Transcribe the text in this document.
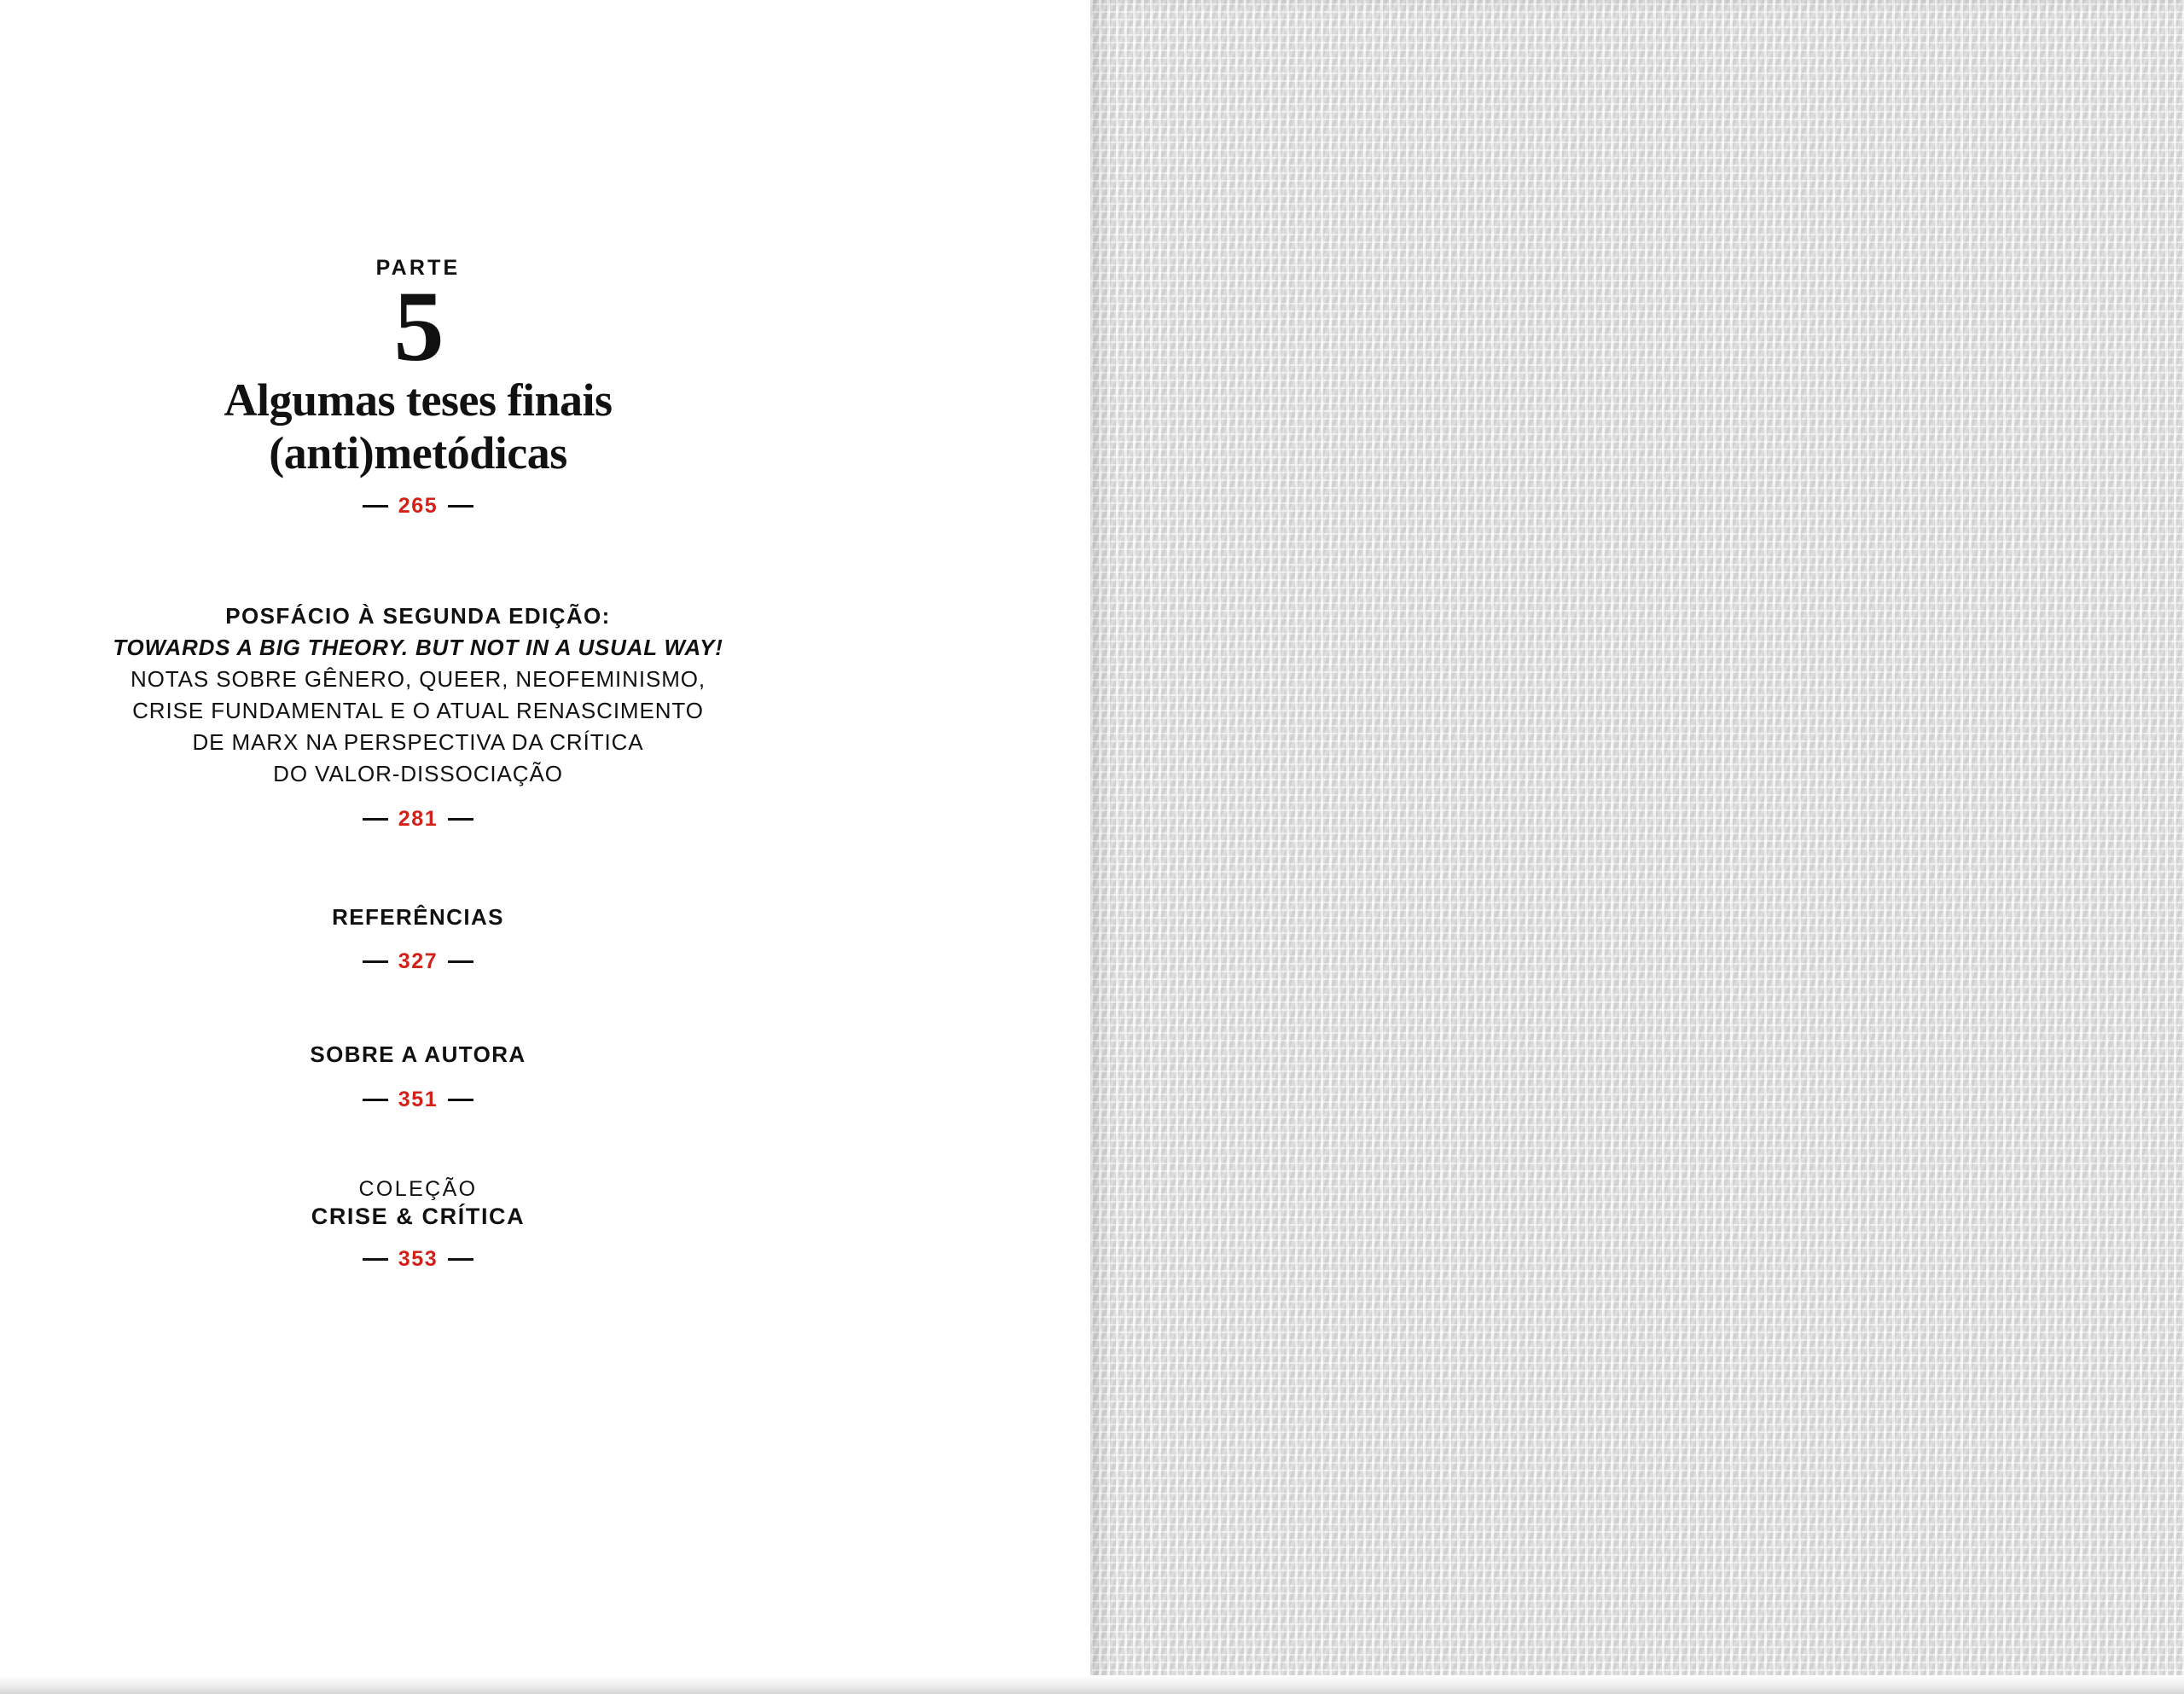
PARTE
5
Algumas teses finais
(anti)metódicas
265

POSFÁCIO À SEGUNDA EDIÇÃO:

TOWARDS A BIG THEORY. BUT NOT IN A USUAL WAY!

NOTAS SOBRE GÊNERO, QUEER, NEOFEMINISMO,

CRISE FUNDAMENTAL E O ATUAL RENASCIMENTO

DE MARX NA PERSPECTIVA DA CRÍTICA

DO VALOR-DISSOCIAÇÃO

281

REFERÊNCIAS

327

SOBRE A AUTORA

351

COLEÇÃO

CRISE & CRÍTICA

353
